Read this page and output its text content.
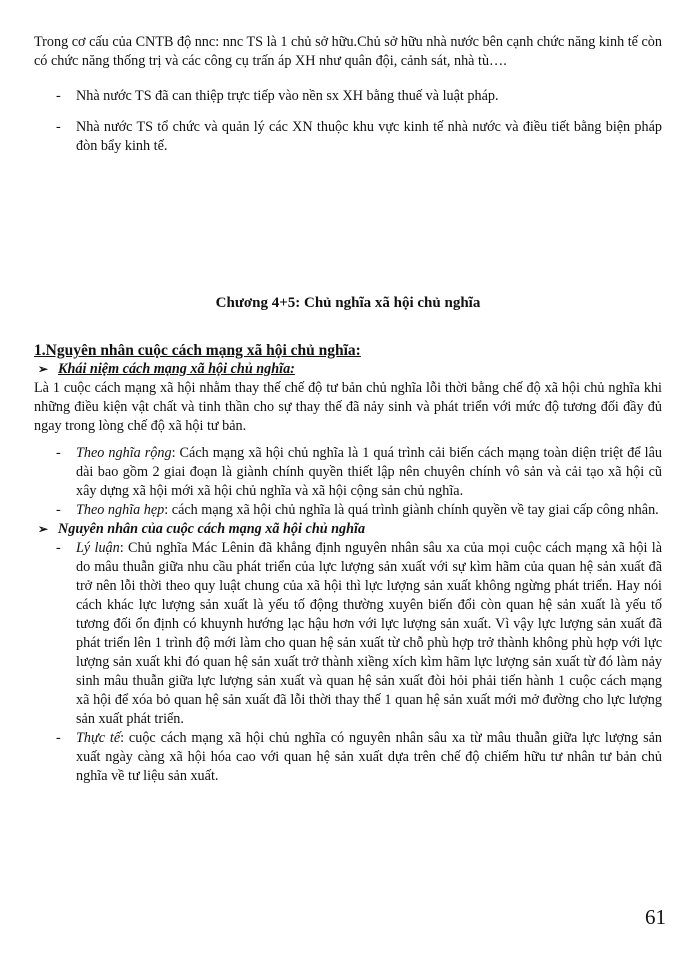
Trong cơ cấu của CNTB độ nnc: nnc TS là 1 chủ sở hữu.Chủ sở hữu nhà nước bên cạnh chức năng kinh tế còn có chức năng thống trị và các công cụ trấn áp XH như quân đội, cảnh sát, nhà tù….

- Nhà nước TS đã can thiệp trực tiếp vào nền sx XH bằng thuế và luật pháp.
- Nhà nước TS tổ chức và quản lý các XN thuộc khu vực kinh tế nhà nước và điều tiết bằng biện pháp đòn bẩy kinh tế.

Chương 4+5: Chủ nghĩa xã hội chủ nghĩa

1.Nguyên nhân cuộc cách mạng xã hội chủ nghĩa:

➢ Khái niệm cách mạng xã hội chủ nghĩa:

Là 1 cuộc cách mạng xã hội nhằm thay thế chế độ tư bản chủ nghĩa lỗi thời bằng chế độ xã hội chủ nghĩa khi những điều kiện vật chất và tinh thần cho sự thay thế đã nảy sinh và phát triển với mức độ tương đối đầy đủ ngay trong lòng chế độ xã hội tư bản.

- Theo nghĩa rộng: Cách mạng xã hội chủ nghĩa là 1 quá trình cải biến cách mạng toàn diện triệt để lâu dài bao gồm 2 giai đoạn là giành chính quyền thiết lập nên chuyên chính vô sản và cải tạo xã hội cũ xây dựng xã hội mới xã hội chủ nghĩa và xã hội cộng sản chủ nghĩa.
- Theo nghĩa hẹp: cách mạng xã hội chủ nghĩa là quá trình giành chính quyền về tay giai cấp công nhân.

➢ Nguyên nhân của cuộc cách mạng xã hội chủ nghĩa

- Lý luận: Chủ nghĩa Mác Lênin đã khẳng định nguyên nhân sâu xa của mọi cuộc cách mạng xã hội là do mâu thuẫn giữa nhu cầu phát triển của lực lượng sản xuất với sự kìm hãm của quan hệ sản xuất đã trở nên lỗi thời theo quy luật chung của xã hội thì lực lượng sản xuất không ngừng phát triển. Hay nói cách khác lực lượng sản xuất là yếu tố động thường xuyên biến đổi còn quan hệ sản xuất là yếu tố tương đối ổn định có khuynh hướng lạc hậu hơn với lực lượng sản xuất. Vì vậy lực lượng sản xuất đã phát triển lên 1 trình độ mới làm cho quan hệ sản xuất từ chỗ phù hợp trở thành không phù hợp với lực lượng sản xuất khi đó quan hệ sản xuất trở thành xiềng xích kìm hãm lực lượng sản xuất từ đó làm nảy sinh mâu thuẫn giữa lực lượng sản xuất và quan hệ sản xuất đòi hỏi phải tiến hành 1 cuộc cách mạng xã hội để xóa bỏ quan hệ sản xuất đã lỗi thời thay thế 1 quan hệ sản xuất mới mở đường cho lực lượng sản xuất phát triển.
- Thực tế: cuộc cách mạng xã hội chủ nghĩa có nguyên nhân sâu xa từ mâu thuẫn giữa lực lượng sản xuất ngày càng xã hội hóa cao với quan hệ sản xuất dựa trên chế độ chiếm hữu tư nhân tư bản chủ nghĩa về tư liệu sản xuất.
61
